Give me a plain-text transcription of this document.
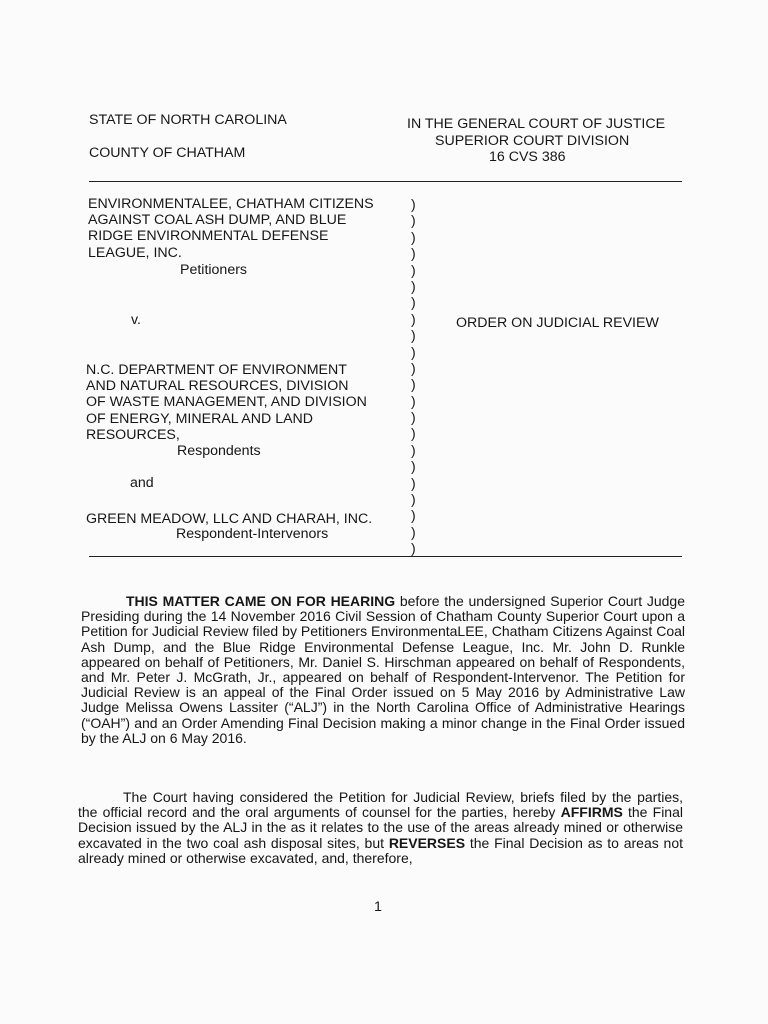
STATE OF NORTH CAROLINA
COUNTY OF CHATHAM
IN THE GENERAL COURT OF JUSTICE
SUPERIOR COURT DIVISION
16 CVS 386
ENVIRONMENTALEE, CHATHAM CITIZENS
AGAINST COAL ASH DUMP, AND BLUE
RIDGE ENVIRONMENTAL DEFENSE
LEAGUE, INC.
Petitioners
v.
N.C. DEPARTMENT OF ENVIRONMENT
AND NATURAL RESOURCES, DIVISION
OF WASTE MANAGEMENT, AND DIVISION
OF ENERGY, MINERAL AND LAND
RESOURCES,
Respondents
and
GREEN MEADOW, LLC AND CHARAH, INC.
Respondent-Intervenors
)
)
)
)
)
)
)
)
)
)
)
)
)
)
)
)
)
)
)
)
)
)
ORDER ON JUDICIAL REVIEW
THIS MATTER CAME ON FOR HEARING before the undersigned Superior Court Judge Presiding during the 14 November 2016 Civil Session of Chatham County Superior Court upon a Petition for Judicial Review filed by Petitioners EnvironmentaLEE, Chatham Citizens Against Coal Ash Dump, and the Blue Ridge Environmental Defense League, Inc. Mr. John D. Runkle appeared on behalf of Petitioners, Mr. Daniel S. Hirschman appeared on behalf of Respondents, and Mr. Peter J. McGrath, Jr., appeared on behalf of Respondent-Intervenor. The Petition for Judicial Review is an appeal of the Final Order issued on 5 May 2016 by Administrative Law Judge Melissa Owens Lassiter (“ALJ”) in the North Carolina Office of Administrative Hearings (“OAH”) and an Order Amending Final Decision making a minor change in the Final Order issued by the ALJ on 6 May 2016.
The Court having considered the Petition for Judicial Review, briefs filed by the parties, the official record and the oral arguments of counsel for the parties, hereby AFFIRMS the Final Decision issued by the ALJ in the as it relates to the use of the areas already mined or otherwise excavated in the two coal ash disposal sites, but REVERSES the Final Decision as to areas not already mined or otherwise excavated, and, therefore,
1
